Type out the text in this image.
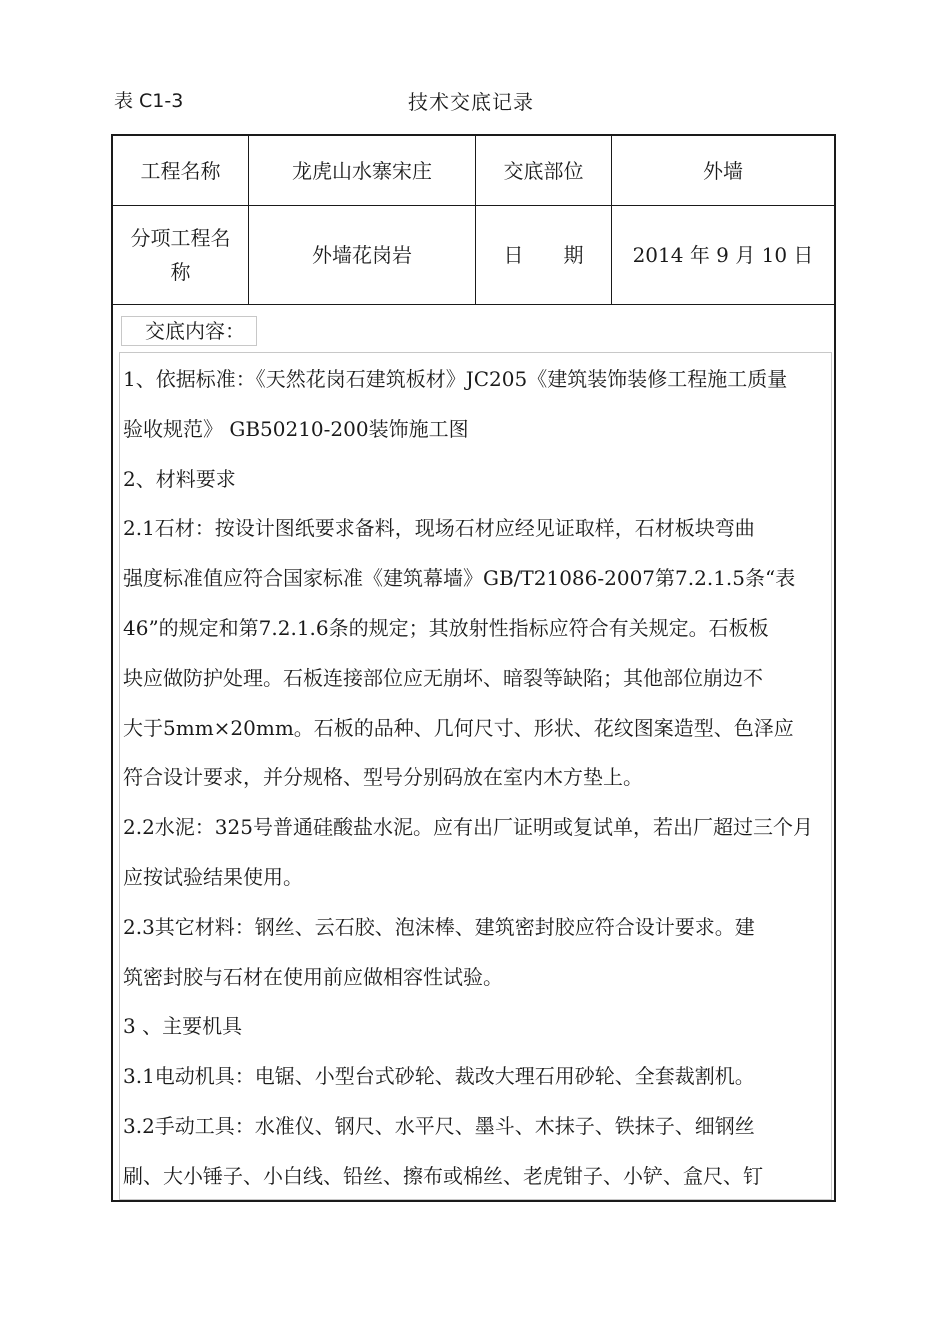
表 C1-3	技术交底记录
工程名称	龙虎山水寨宋庄	交底部位	外墙
分项工程名
称
外墙花岗岩	日　　期	2014 年 9 月 10 日
交底内容：
1、依据标准：《天然花岗石建筑板材》JC205《建筑装饰装修工程施工质量
验收规范》 GB50210-200装饰施工图
2、材料要求
2.1石材：按设计图纸要求备料，现场石材应经见证取样，石材板块弯曲
强度标准值应符合国家标准《建筑幕墙》GB/T21086-2007第7.2.1.5条“表
46”的规定和第7.2.1.6条的规定；其放射性指标应符合有关规定。石板板
块应做防护处理。石板连接部位应无崩坏、暗裂等缺陷；其他部位崩边不
大于5mm×20mm。石板的品种、几何尺寸、形状、花纹图案造型、色泽应
符合设计要求，并分规格、型号分别码放在室内木方垫上。
2.2水泥：325号普通硅酸盐水泥。应有出厂证明或复试单，若出厂超过三个月
应按试验结果使用。
2.3其它材料：钢丝、云石胶、泡沫棒、建筑密封胶应符合设计要求。建
筑密封胶与石材在使用前应做相容性试验。
3 、主要机具
3.1电动机具：电锯、小型台式砂轮、裁改大理石用砂轮、全套裁割机。
3.2手动工具：水准仪、钢尺、水平尺、墨斗、木抹子、铁抹子、细钢丝
刷、大小锤子、小白线、铅丝、擦布或棉丝、老虎钳子、小铲、盒尺、钉
